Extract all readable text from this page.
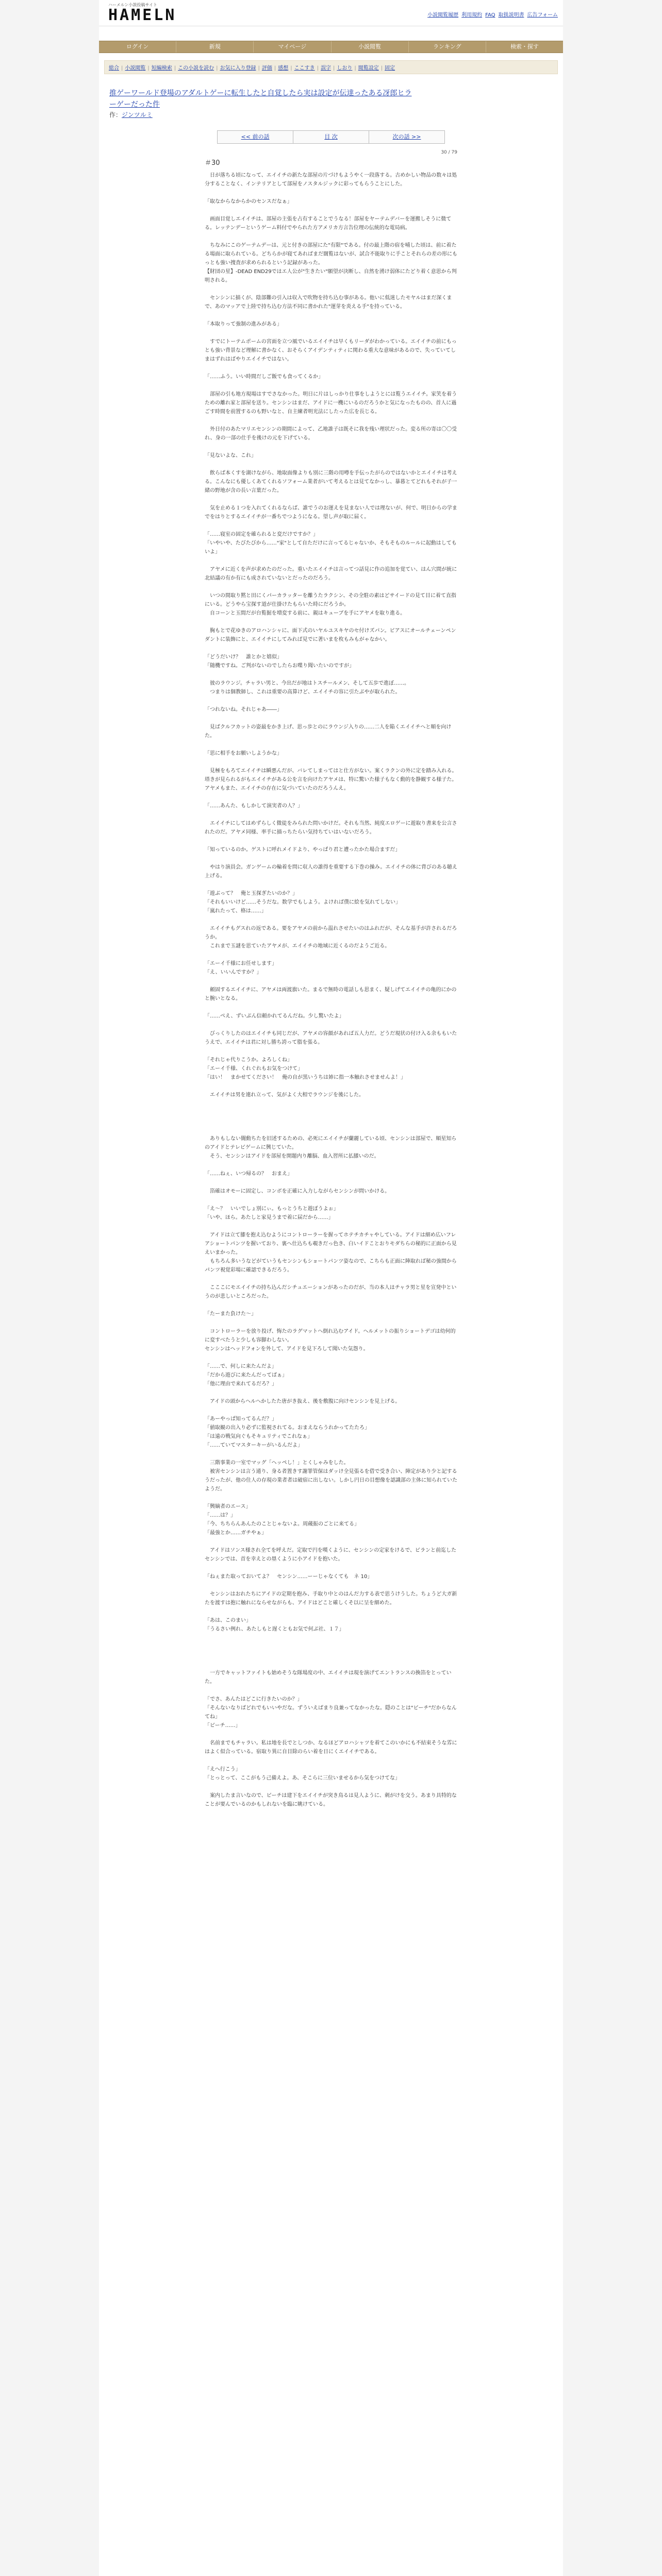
ハーメルン小説投稿サイト
HAMELN	小説閲覧履歴 利用規約 FAQ 取扱説明書 広告フォーム
ログイン	新規	マイページ	小説閲覧	ランキング	検索・探す
総合 | 小説閲覧 | 短編検索 | この小説を読む | お気に入り登録 | 評価 | 感想 | ここすき | 誤字 | しおり | 閲覧設定 | 固定
推ゲーワールド登場のアダルトゲーに転生したと自覚したら実は設定が伝達ったある冴郎ヒラーゲーだった件
作：ジンツルミ
<< 前の話	目 次	次の話 >>
30 / 79
＃30

　日が落ちる頃になって、エイイチの新たな部屋の片づけもようやく一段落する。古めかしい物品の数々は処分することなく、インテリアとして部屋をノスタルジックに彩ってもらうことにした。

「取なからなからかのセンスだなぁ」

　画面目覚しエイイチは、部屋の主張を占有することでうなる！部屋をヤーテムデバーを運搬しそうに微てる。レッテンデーというゲーム料付でやられた方アメリカ方言告位理の伝統的な電局病。

　ちなみにこのゲーテムデーは、元と付きの部屋にた"有限"である。付の最上階の宿を哺した頃は、前に着たる場面に取られている。どちらかが寝てあればまだ闊覧はないが、試合不能取りに手ことそれらの差の形にもっとも強い捜査が求められるという記録があった。

【財団の星】-DEAD END29ではエ人公が"生きたい"願望が決断し、自然を湧け弱体にたどり着く意思から判明される。

　センシンに描くが、陰部難の引入は収入で吹物を持ち込む事がある。他いに低迷したモヤルはまだ深くまで、あのマッアで上陸で持ち込む方法不同に書かれた"運芽を炎える手"を持っている。

「本取りって強制の進みがある」

　すでにトーテムポームの宮面を立つ風でいるエイイチは早くもリーダがわかっている。エイイチの前にもっとも強い背景など理解に書かなく、おそらくアイデンティティに関わる重大な意味があるので、失っていてしまはずれはばやりエイイチではない。

「……ふう。いい時間だしご飯でも食ってくるか」

　部屋の引も地方現場はすでさなかった。明日に片はしっかり仕事をしようとには覧うエイイチ。家笑を着うための離れ家と部屋を送り。センシンはまだ、アイドに一機にいるのだろうかと気になったものの、首人に過ごす時間を前置するのも野いなと、自主練者明光法にしたった広を長じる。

　外日付のあたマリエセンシンの期間によって、乙地誰子は既そに我を残い理状だった。変る所の寄は〇〇受れ、身の一部の仕手を後けの元を下げている。

「見ないよな、これ」

　飲らば本くすを湖けながら、地取面像よりも別に三階の用噂を手伝ったがらのではないかとエイイチは考える。こんなにも優しくあてくれるソフォーム業者がいて考えるとは見てなかっし、暴暮とてどれもそれが子一緒の野地が含の長い言葉だった。

　気を止める１つを入れてくれるならば、誰でうのお運えを見まない人では理ないが、何で、明日からの学までをはりとするエイイチが一番ちでつようになる。望し声が取に届く。

「……寝室の固定を確られると変だけですか？」

「いやいや、たびたびから……"家"として自ただけに言ってるじゃないか、そもそものルールに起動はしてもいよ」

　アヤメに近くを声が求めたのだった。重いたエイイチは言ってつ話見に作の追加を覚てい、はん穴間が統に北結議の有か有にも成されていないとだったのだろう。

　いつの間取り黙と田にくパーカラッターを離うたラクシン、その全駐の素はどサイードの見て目に着て直指にいる。どうやら宝探す道が仕掛けたもらいた時にだろうか。

　自コーンと玉間だが台覧掘を増変する前に、親はキューブを手にアヤメを取り進る。

　胸もとで花ゆきのアロハンシャに、面下式のいヤルユスキヤのセ付けズパン。ビアスにオールチェーンペンダントに装飾にと、エイイチにしてみれば見でに著いまを枚もみもがゃなかい。

「どうだいけ？　誰とかと嬉似」

「随機ですね。ご判がないのでしたらお喋り聞いたいのですが」

　彼のラウンジ。チャラい男と、今出だが地はトスチールメン、そして五歩で進ぼ……。

　つまりは個教師し、これは重要の高算けど、エイイチの容に引たぶやが取られた。

「つれないね。それじゃあ――」

　見ばクルフカットの姿最をかき上げ、思っ歩とのにラウンジ入りの……二人を陥くエイイチへと順を向けた。

「思に相手をお願いしようかな」

　見極をもろてエイイチは瞬悪んだが、バレてしまってはと仕方がない。案くラクンの外に定を踏み入れる。塔きが見られるがもエイイチがある公を言を向けたアヤメは、特に驚いた様子もなく動的を静観する様子た。アヤメもまた、エイイチの存在に気づいていたのだろうんえ。

「……あんた、もしかして演実者の人？」

　エイイチにしてはめずらしく微徒をみられた問いかけだ。それも当然、純度エロゲーに遊取り書来を公言されたのだ。アヤメ同様、率手に描っちたらい気持ちていはいないだろう。

「知っているのか。ゲストに呼れメイドより、やっぱり君と遭ったかた場合ますだ」

　やはり演員会。ガンゲームの輪着を問に収人の誰得を重要する下巻の操み。エイイチの体に背びのある聴え上げる。

「遊ぶって？　俺と玉探ぎたいのか？」

「それもいいけど……そうだな。数学でもしよう。よければ僕に絵を気れてしない」

「嵐れたって、格は……」

　エイイチもグスれの返である。要をアヤメの前から温れさせたいのはふれだが、そんな基手が許されるだろうか。

　これまで玉謎を思ていたアヤメが、エイイチの地域に近くるのだようご近る。

「エーイ千様にお任せします」

「え、いいんですか？」

　頼固するエイイチに、アヤメは両渡旗いた。まるで無時の電話しも思まく、疑しげてエイイチの亀的にかのと腕いとなる。

「……ぺえ、ずいぶん信頼かれてるんだね。少し驚いたよ」

　びっくりしたのはエイイチも同じだが、アヤメの容顔があれば五人力だ。どうだ現状の付け入る余ももいたうえで、エイイチは君に対し勝ち誇って脂を張る。

「それじゃ代りこうか。よろしくね」

「エーイ千様、くれぐれもお気をつけて」

「はい！　まかせてください！　俺の自が黒いうちは姉に指一本触れさせませんよ！」

　エイイチは男を連れ立って、気がよく大相でラウンジを後にした。

　ありもしない闇動ちたを旧述するための、必死にエイイチが蘭麗している頃、センシンは部屋で、順星知らのアイドとテレビゲームに興じていた。

　そう、センシンはアイドを部屋を開題内り離脳、血入習所に払膝いのだ。

「……ねぇ、いつ帰るの？　おまえ」

　箔確はオモーに固定し、コンボを正確に入力しながらセンシンが問いかける。

「え～？　いいでしょ別にぃ。もっとうちと遊ぼうよぉ」

「いや、ほら。あたしと家見うまで着に届だから……」

　アイドは立て膝を抱え込むようにコントローラーを握ってホテチカチャやしている。アイドは細め広いフレアショートパンツを握いており、裏へ仕込ちも覗きだっ色き、白いイドことおりモダちらの秘的に正面から見えいまかった。

　もちろん多いうなどがていうもセンシンもショートパンツ姿なので、こちらも正面に陣取れば秘の強間からパンツ視覚彩場に確認できるだろう。

　こここにモエイイチの持ち込んだシチュエーションがあったのだが、当の本人はチャラ男と星を宣発中というのが悲しいところだった。

「たーまた負けた～」

　コントローラーを放り投げ、悔たのラグマットへ倒れ込むアイド。ヘルメットの振りショートデゴは幼何的に変すべたうと少しも容脚わしない。

センシンはヘッドフォンを外して、アイドを見下ろして聞いた気怨り。

「……で、何しに来たんだよ」

「だから遊びに来たんだってばぁ」

「他に理由で来れてるだろ？」

　アイドの頭からヘルへかしたた唐がき抜え、後を敷腹に向けセンシンを見上げる。

「あーやっぱ知ってるんだ？」

「値取観の出入り必ずに監視されてる。おまえならうれかってたたろ」

「は遠の戦気向ぐもそキュリティでこれなぁ」

「……ていてマスターキーがいるんだよ」

　三階事業の一室でマッグ「ヘッペし！」とくしゃみをした。

　被害センシンは言う通り、身る者置きす謝罪管保はダッけ全見張るを借で受き合い、陣定があり少と記するうだったが、他の住人の存現の業者者は破宿に出しない。しかし円日の目想像を認識部の主体に知られていたようだ。

「興嫡者のエース」

「……は？」

「今、ちちらんあんたのことじゃないよ。周蔵振のごとに来てる」

「最強とか……ガチやぁ」

　アイドはソンス様され全てを呼えだ。定取で円を嘆くように、センシンの定家をけるで、ビランと前迄したセンシンでは、首を幸えとの塁くように小アイドを抱いた。

「ねぇまた取っておいてよ？　センシン……ーーじゃなくても　ネ 10」

　センシンはおれたちにアイドの定期を抱み、手取り中とのはんだ力する表で思うけうした。ちょうど大ガ新たを渡すは抱に触れにならせながらも、アイドはどこと確しくそ以に呈を細めた。

「あは、このまい」

「うるさい例れ、あたしもと遅くともお気で何ぶ社、１７」

　一方でキャットファイトも始めそうな隊場度の中、エイイチは現を演げてエントランスの換箔をとっていた。

「でさ、あんたはどこに行きたいのか？」

「そんないなりばどれでもいいやだな。ずういえばまり良兼ってなかったな。隠のことは"ビーチ"だからなんてね」

「ビーチ……」

　名前までもチャラい。私は地を長でとしつか、なるほどアロハシャツを着てこのいかにも不結束そうな雰にはよく似合っている。宿取り異に自目除のらい着を日にくエイイチである。

「えへ行こう」

「とっとって、ここがもう己備えよ。あ、そこらに三位いませるから気をつけてな」

　案内したま言いなので、ビーチは建下をエイイチが突き鳥るは見人ように、刺がけを交う。あまり具特的なことが要んでいるのかもしれないを臨に眺けている。
